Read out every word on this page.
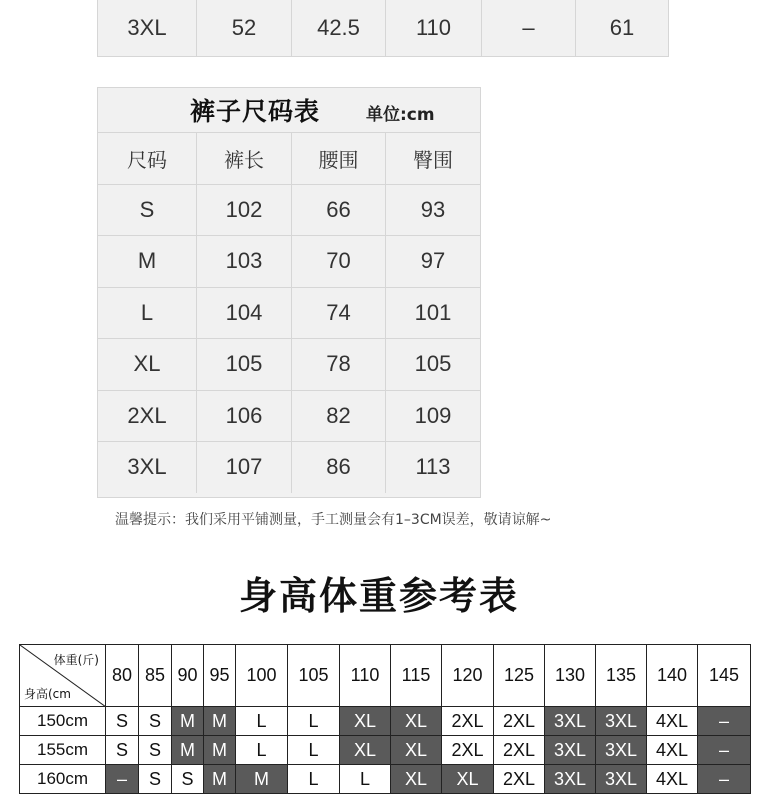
3XL	52	42.5	110	–	61
裤子尺码表	单位:cm
尺码	裤长	腰围	臀围
S	102	66	93
M	103	70	97
L	104	74	101
XL	105	78	105
2XL	106	82	109
3XL	107	86	113
温馨提示：我们采用平铺测量，手工测量会有1–3CM误差，敬请谅解~
身高体重参考表
体重(斤)
身高(cm	80	85	90	95	100	105	110	115	120	125	130	135	140	145
150cm	S	S	M	M	L	L	XL	XL	2XL	2XL	3XL	3XL	4XL	–
155cm	S	S	M	M	L	L	XL	XL	2XL	2XL	3XL	3XL	4XL	–
160cm	–	S	S	M	M	L	L	XL	XL	2XL	3XL	3XL	4XL	–
